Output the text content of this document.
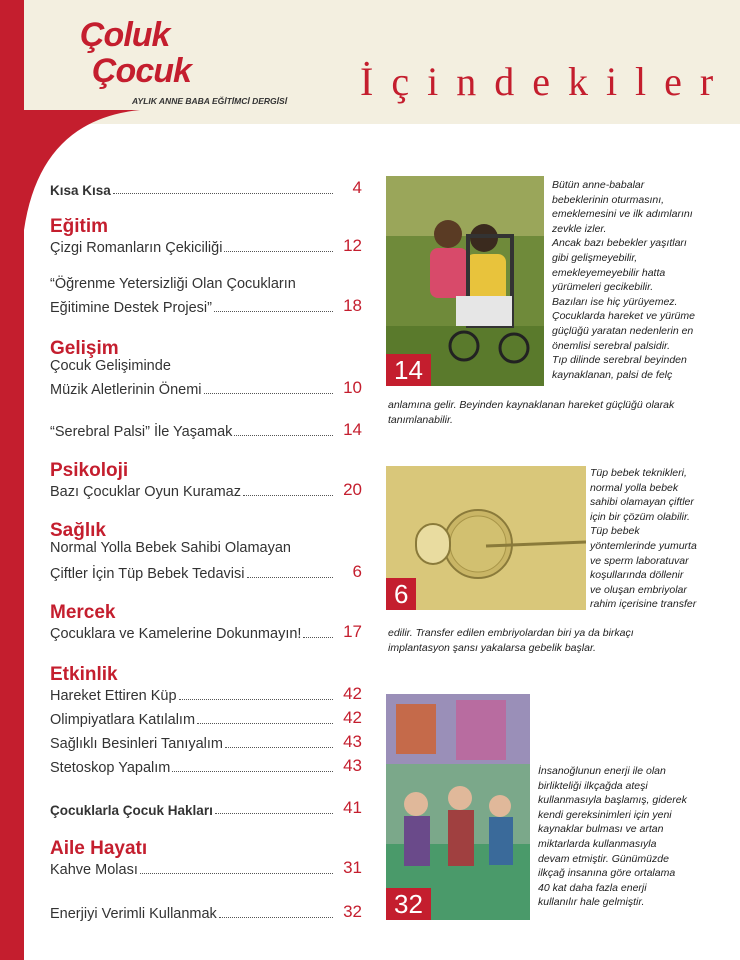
Çoluk
Çocuk
AYLIK ANNE BABA EĞİTİMCİ DERGİSİ İçindekiler
Kısa Kısa	4
Eğitim
Çizgi Romanların Çekiciliği	12
“Öğrenme Yetersizliği Olan Çocukların
Eğitimine Destek Projesi”	18
Gelişim
Çocuk Gelişiminde
Müzik Aletlerinin Önemi	10
“Serebral Palsi” İle Yaşamak	14
Psikoloji
Bazı Çocuklar Oyun Kuramaz	20
Sağlık
Normal Yolla Bebek Sahibi Olamayan
Çiftler İçin Tüp Bebek Tedavisi	6
Mercek
Çocuklara ve Kamelerine Dokunmayın!	17
Etkinlik
Hareket Ettiren Küp	42
Olimpiyatlara Katılalım	42
Sağlıklı Besinleri Tanıyalım	43
Stetoskop Yapalım	43
Çocuklarla Çocuk Hakları	41
Aile Hayatı
Kahve Molası	31
Enerjiyi Verimli Kullanmak	32
14
Bütün anne-babalar
bebeklerinin oturmasını,
emeklemesini ve ilk adımlarını
zevkle izler.
Ancak bazı bebekler yaşıtları
gibi gelişmeyebilir,
emekleyemeyebilir hatta
yürümeleri gecikebilir.
Bazıları ise hiç yürüyemez.
Çocuklarda hareket ve yürüme
güçlüğü yaratan nedenlerin en
önemlisi serebral palsidir.
Tıp dilinde serebral beyinden
kaynaklanan, palsi de felç
anlamına gelir. Beyinden kaynaklanan hareket güçlüğü olarak
tanımlanabilir.
6
Tüp bebek teknikleri,
normal yolla bebek
sahibi olamayan çiftler
için bir çözüm olabilir.
Tüp bebek
yöntemlerinde yumurta
ve sperm laboratuvar
koşullarında döllenir
ve oluşan embriyolar
rahim içerisine transfer
edilir. Transfer edilen embriyolardan biri ya da birkaçı
implantasyon şansı yakalarsa gebelik başlar.
32
İnsanoğlunun enerji ile olan
birlikteliği ilkçağda ateşi
kullanmasıyla başlamış, giderek
kendi gereksinimleri için yeni
kaynaklar bulması ve artan
miktarlarda kullanmasıyla
devam etmiştir. Günümüzde
ilkçağ insanına göre ortalama
40 kat daha fazla enerji
kullanılır hale gelmiştir.
